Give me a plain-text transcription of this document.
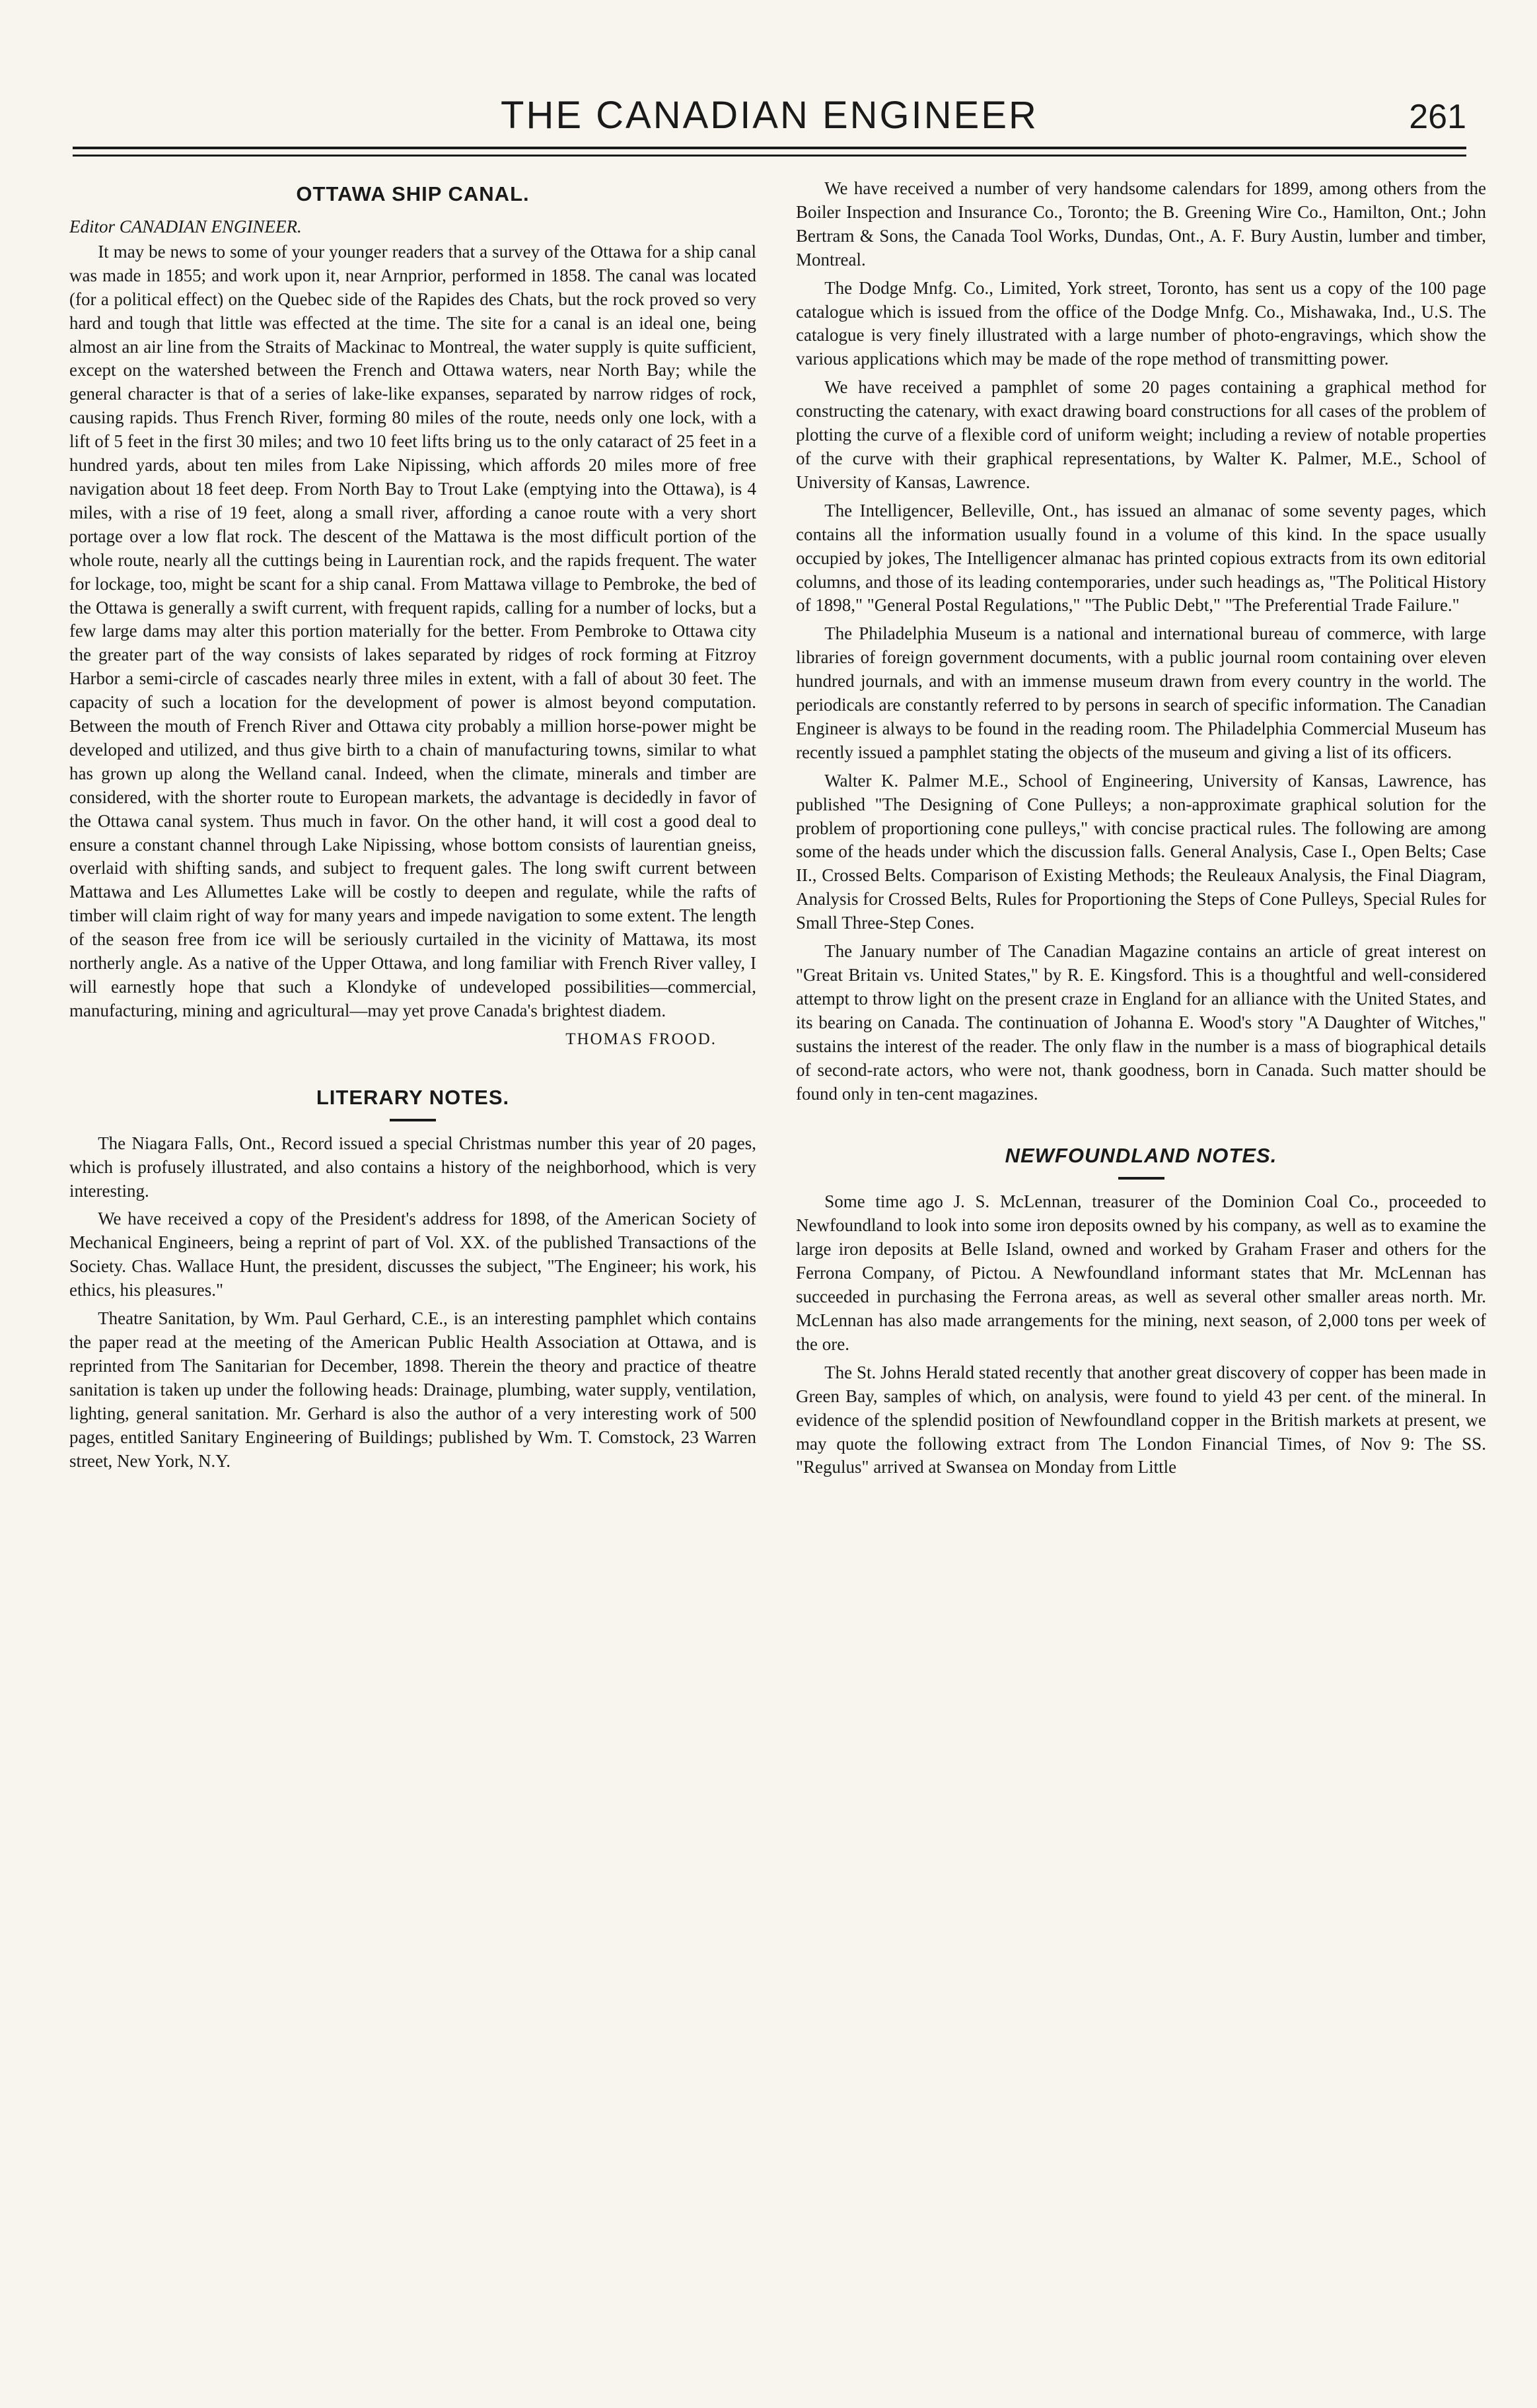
THE CANADIAN ENGINEER	261
OTTAWA SHIP CANAL.

Editor CANADIAN ENGINEER.

It may be news to some of your younger readers that a survey of the Ottawa for a ship canal was made in 1855; and work upon it, near Arnprior, performed in 1858. The canal was located (for a political effect) on the Quebec side of the Rapides des Chats, but the rock proved so very hard and tough that little was effected at the time. The site for a canal is an ideal one, being almost an air line from the Straits of Mackinac to Montreal, the water supply is quite sufficient, except on the watershed between the French and Ottawa waters, near North Bay; while the general character is that of a series of lake-like expanses, separated by narrow ridges of rock, causing rapids. Thus French River, forming 80 miles of the route, needs only one lock, with a lift of 5 feet in the first 30 miles; and two 10 feet lifts bring us to the only cataract of 25 feet in a hundred yards, about ten miles from Lake Nipissing, which affords 20 miles more of free navigation about 18 feet deep. From North Bay to Trout Lake (emptying into the Ottawa), is 4 miles, with a rise of 19 feet, along a small river, affording a canoe route with a very short portage over a low flat rock. The descent of the Mattawa is the most difficult portion of the whole route, nearly all the cuttings being in Laurentian rock, and the rapids frequent. The water for lockage, too, might be scant for a ship canal. From Mattawa village to Pembroke, the bed of the Ottawa is generally a swift current, with frequent rapids, calling for a number of locks, but a few large dams may alter this portion materially for the better. From Pembroke to Ottawa city the greater part of the way consists of lakes separated by ridges of rock forming at Fitzroy Harbor a semi-circle of cascades nearly three miles in extent, with a fall of about 30 feet. The capacity of such a location for the development of power is almost beyond computation. Between the mouth of French River and Ottawa city probably a million horse-power might be developed and utilized, and thus give birth to a chain of manufacturing towns, similar to what has grown up along the Welland canal. Indeed, when the climate, minerals and timber are considered, with the shorter route to European markets, the advantage is decidedly in favor of the Ottawa canal system. Thus much in favor. On the other hand, it will cost a good deal to ensure a constant channel through Lake Nipissing, whose bottom consists of laurentian gneiss, overlaid with shifting sands, and subject to frequent gales. The long swift current between Mattawa and Les Allumettes Lake will be costly to deepen and regulate, while the rafts of timber will claim right of way for many years and impede navigation to some extent. The length of the season free from ice will be seriously curtailed in the vicinity of Mattawa, its most northerly angle. As a native of the Upper Ottawa, and long familiar with French River valley, I will earnestly hope that such a Klondyke of undeveloped possibilities—commercial, manufacturing, mining and agricultural—may yet prove Canada's brightest diadem.

THOMAS FROOD.

LITERARY NOTES.

The Niagara Falls, Ont., Record issued a special Christmas number this year of 20 pages, which is profusely illustrated, and also contains a history of the neighborhood, which is very interesting.

We have received a copy of the President's address for 1898, of the American Society of Mechanical Engineers, being a reprint of part of Vol. XX. of the published Transactions of the Society. Chas. Wallace Hunt, the president, discusses the subject, "The Engineer; his work, his ethics, his pleasures."

Theatre Sanitation, by Wm. Paul Gerhard, C.E., is an interesting pamphlet which contains the paper read at the meeting of the American Public Health Association at Ottawa, and is reprinted from The Sanitarian for December, 1898. Therein the theory and practice of theatre sanitation is taken up under the following heads: Drainage, plumbing, water supply, ventilation, lighting, general sanitation. Mr. Gerhard is also the author of a very interesting work of 500 pages, entitled Sanitary Engineering of Buildings; published by Wm. T. Comstock, 23 Warren street, New York, N.Y.

We have received a number of very handsome calendars for 1899, among others from the Boiler Inspection and Insurance Co., Toronto; the B. Greening Wire Co., Hamilton, Ont.; John Bertram & Sons, the Canada Tool Works, Dundas, Ont., A. F. Bury Austin, lumber and timber, Montreal.

The Dodge Mnfg. Co., Limited, York street, Toronto, has sent us a copy of the 100 page catalogue which is issued from the office of the Dodge Mnfg. Co., Mishawaka, Ind., U.S. The catalogue is very finely illustrated with a large number of photo-engravings, which show the various applications which may be made of the rope method of transmitting power.

We have received a pamphlet of some 20 pages containing a graphical method for constructing the catenary, with exact drawing board constructions for all cases of the problem of plotting the curve of a flexible cord of uniform weight; including a review of notable properties of the curve with their graphical representations, by Walter K. Palmer, M.E., School of University of Kansas, Lawrence.

The Intelligencer, Belleville, Ont., has issued an almanac of some seventy pages, which contains all the information usually found in a volume of this kind. In the space usually occupied by jokes, The Intelligencer almanac has printed copious extracts from its own editorial columns, and those of its leading contemporaries, under such headings as, "The Political History of 1898," "General Postal Regulations," "The Public Debt," "The Preferential Trade Failure."

The Philadelphia Museum is a national and international bureau of commerce, with large libraries of foreign government documents, with a public journal room containing over eleven hundred journals, and with an immense museum drawn from every country in the world. The periodicals are constantly referred to by persons in search of specific information. The Canadian Engineer is always to be found in the reading room. The Philadelphia Commercial Museum has recently issued a pamphlet stating the objects of the museum and giving a list of its officers.

Walter K. Palmer M.E., School of Engineering, University of Kansas, Lawrence, has published "The Designing of Cone Pulleys; a non-approximate graphical solution for the problem of proportioning cone pulleys," with concise practical rules. The following are among some of the heads under which the discussion falls. General Analysis, Case I., Open Belts; Case II., Crossed Belts. Comparison of Existing Methods; the Reuleaux Analysis, the Final Diagram, Analysis for Crossed Belts, Rules for Proportioning the Steps of Cone Pulleys, Special Rules for Small Three-Step Cones.

The January number of The Canadian Magazine contains an article of great interest on "Great Britain vs. United States," by R. E. Kingsford. This is a thoughtful and well-considered attempt to throw light on the present craze in England for an alliance with the United States, and its bearing on Canada. The continuation of Johanna E. Wood's story "A Daughter of Witches," sustains the interest of the reader. The only flaw in the number is a mass of biographical details of second-rate actors, who were not, thank goodness, born in Canada. Such matter should be found only in ten-cent magazines.

NEWFOUNDLAND NOTES.

Some time ago J. S. McLennan, treasurer of the Dominion Coal Co., proceeded to Newfoundland to look into some iron deposits owned by his company, as well as to examine the large iron deposits at Belle Island, owned and worked by Graham Fraser and others for the Ferrona Company, of Pictou. A Newfoundland informant states that Mr. McLennan has succeeded in purchasing the Ferrona areas, as well as several other smaller areas north. Mr. McLennan has also made arrangements for the mining, next season, of 2,000 tons per week of the ore.

The St. Johns Herald stated recently that another great discovery of copper has been made in Green Bay, samples of which, on analysis, were found to yield 43 per cent. of the mineral. In evidence of the splendid position of Newfoundland copper in the British markets at present, we may quote the following extract from The London Financial Times, of Nov 9: The SS. "Regulus" arrived at Swansea on Monday from Little
